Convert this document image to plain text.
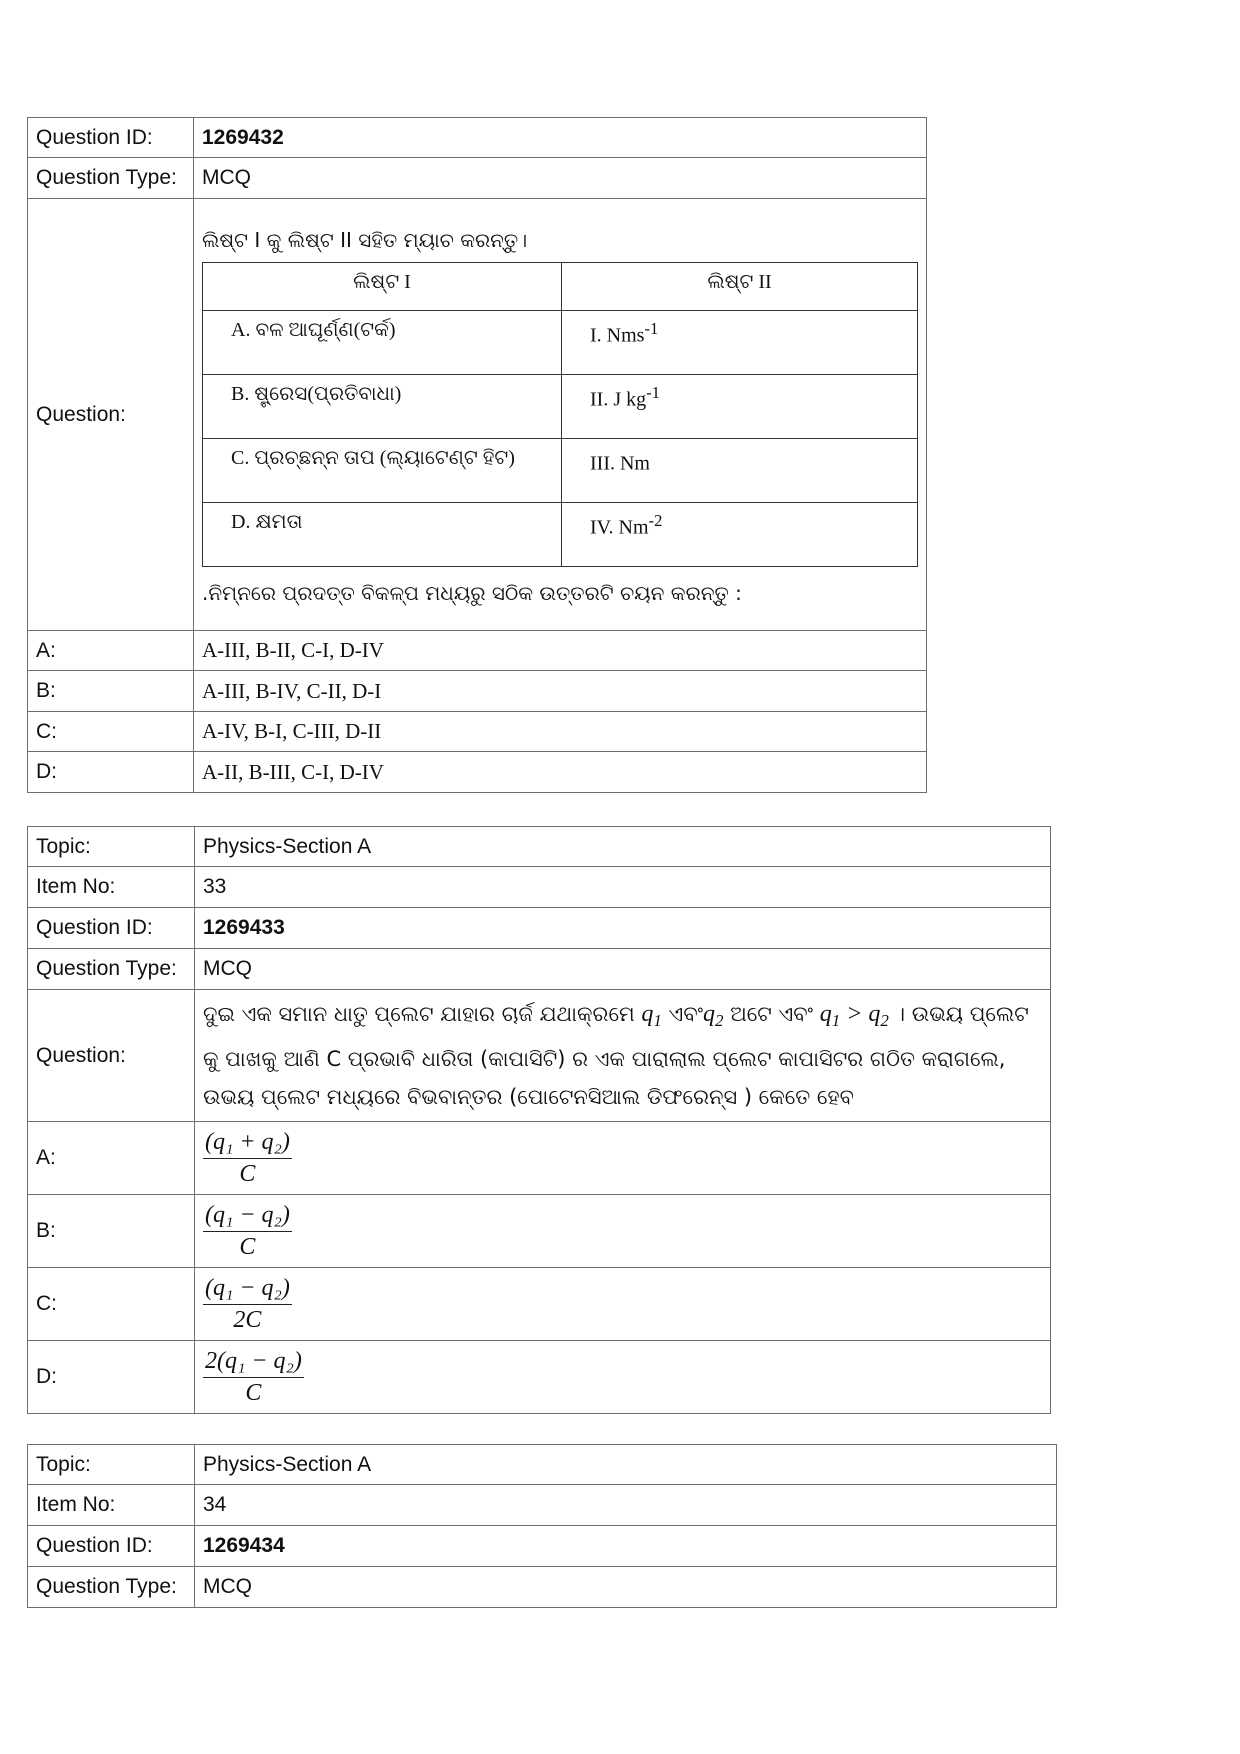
Question ID:	1269432
Question Type:	MCQ
Question:	
ଲିଷ୍ଟ I କୁ ଲିଷ୍ଟ II ସହିତ ମ୍ୟାଚ କରନ୍ତୁ।
ଲିଷ୍ଟ I	ଲିଷ୍ଟ II
A. ବଳ ଆଘୂର୍ଣ୍ଣ(ଟର୍କ)	I. Nms$^{-1}$
B. ଷ୍ଟ୍ରେସ(ପ୍ରତିବାଧା)	II. J $kg^{-1}$
C. ପ୍ରଚ୍ଛନ୍ନ ତାପ (ଲ୍ୟାଟେଣ୍ଟ ହିଟ)	III. Nm
D. କ୍ଷମତା	IV. $Nm^{-2}$
.ନିମ୍ନରେ ପ୍ରଦତ୍ତ ବିକଳ୍ପ ମଧ୍ୟରୁ ସଠିକ ଉତ୍ତରଟି ଚୟନ କରନ୍ତୁ :

A:	A-III, B-II, C-I, D-IV
B:	A-III, B-IV, C-II, D-I
C:	A-IV, B-I, C-III, D-II
D:	A-II, B-III, C-I, D-IV
Topic:	Physics-Section A
Item No:	33
Question ID:	1269433
Question Type:	MCQ
Question:	ଦୁଇ ଏକ ସମାନ ଧାତୁ ପ୍ଲେଟ ଯାହାର ଚାର୍ଜ ଯଥାକ୍ରମେ $q_1$ $ଏବଂq_2$ ଅଟେ ଏବଂ $q_1 > q_2$ । ଉଭୟ ପ୍ଲେଟ କୁ ପାଖକୁ ଆଣି C ପ୍ରଭାବି ଧାରିତା (କାପାସିଟି) ର ଏକ ପାରାଲାଲ ପ୍ଲେଟ କାପାସିଟର ଗଠିତ କରାଗଲେ, ଉଭୟ ପ୍ଲେଟ ମଧ୍ୟରେ ବିଭବାନ୍ତର (ପୋଟେନସିଆଲ ଡିଫରେନ୍ସ ) କେତେ ହେବ
A:	$\frac{\text{(q₁ + q₂)}}{C}$

B:	$\frac{\text{(q₁ − q₂)}}{C}$

C:	$\frac{\text{(q₁ − q₂)}}{2C}$

D:	$\frac{\text{2(q₁ − q₂)}}{C}$
Topic:	Physics-Section A
Item No:	34
Question ID:	1269434
Question Type:	MCQ
